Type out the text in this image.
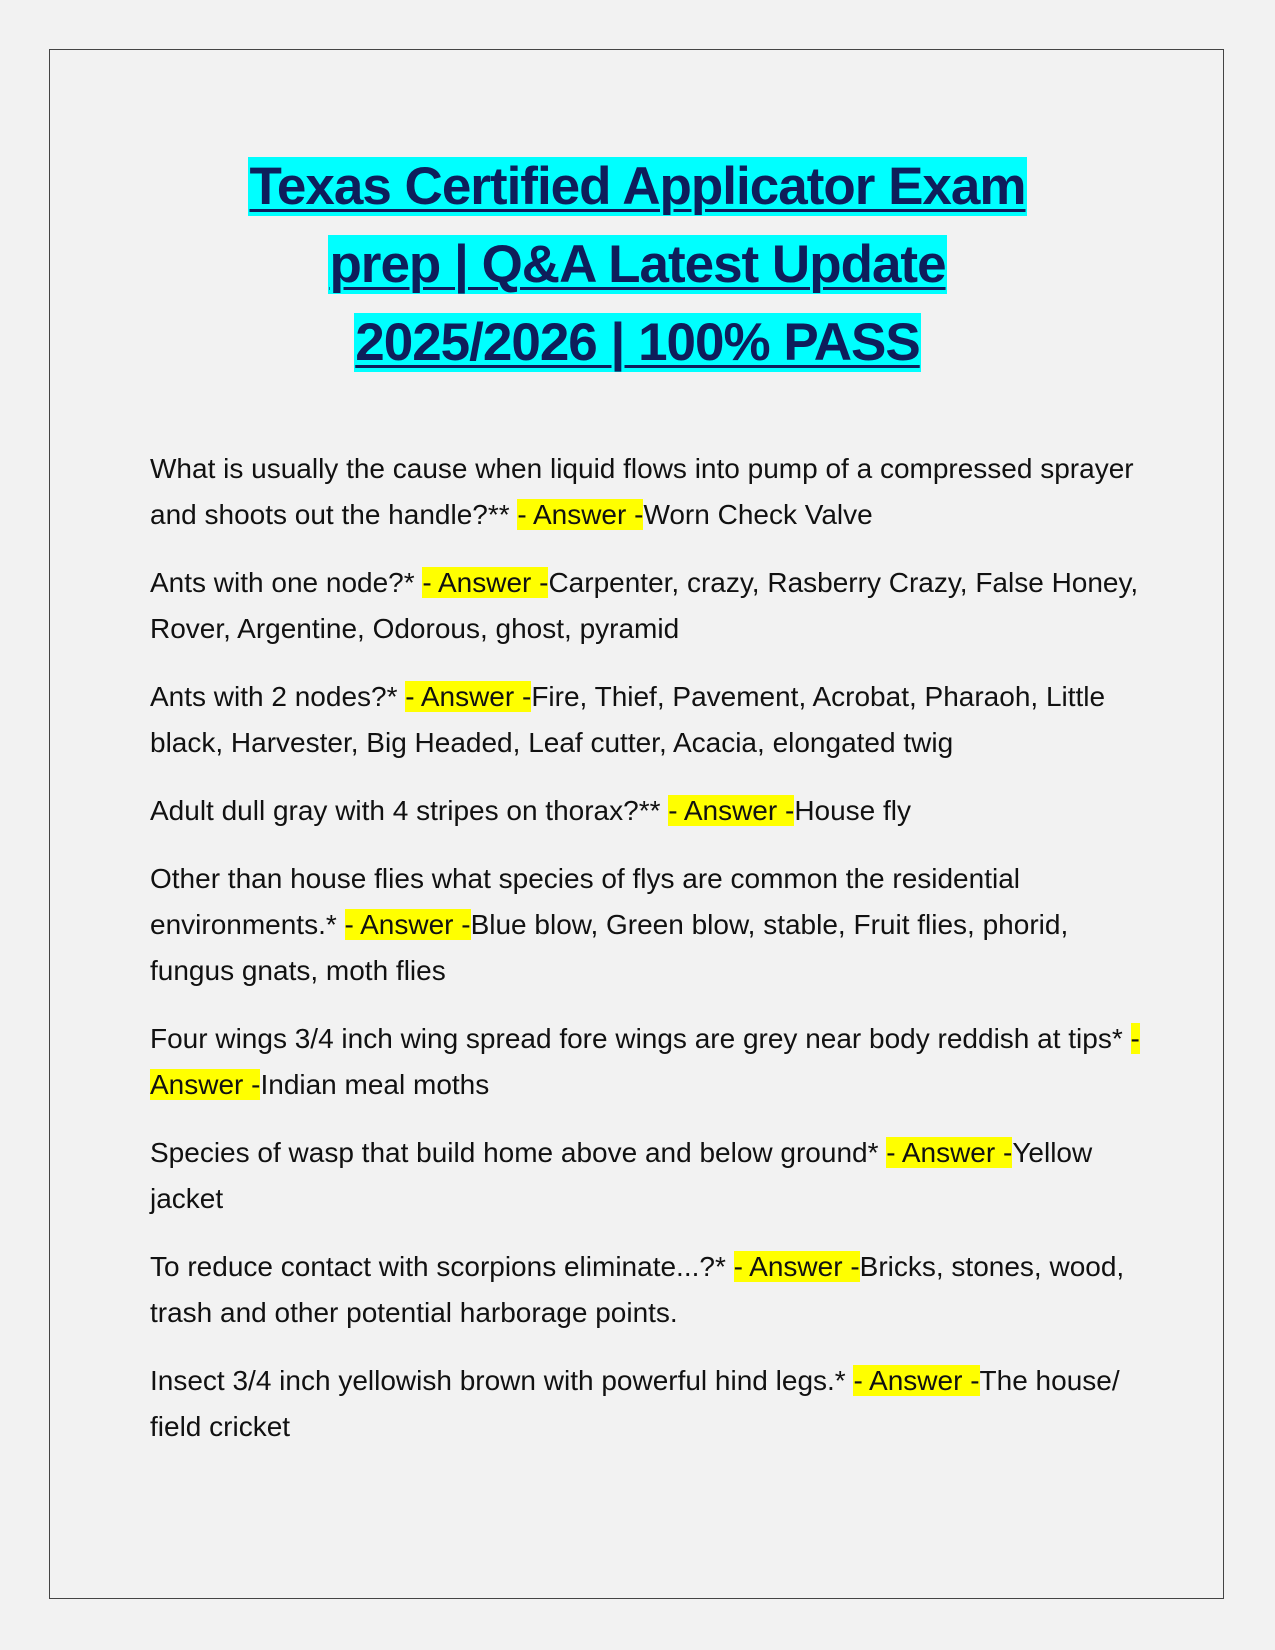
Texas Certified Applicator Exam
prep | Q&A Latest Update
2025/2026 | 100% PASS

What is usually the cause when liquid flows into pump of a compressed sprayer and shoots out the handle?** - Answer -Worn Check Valve

Ants with one node?* - Answer -Carpenter, crazy, Rasberry Crazy, False Honey, Rover, Argentine, Odorous, ghost, pyramid

Ants with 2 nodes?* - Answer -Fire, Thief, Pavement, Acrobat, Pharaoh, Little black, Harvester, Big Headed, Leaf cutter, Acacia, elongated twig

Adult dull gray with 4 stripes on thorax?** - Answer -House fly

Other than house flies what species of flys are common the residential environments.* - Answer -Blue blow, Green blow, stable, Fruit flies, phorid, fungus gnats, moth flies

Four wings 3/4 inch wing spread fore wings are grey near body reddish at tips* - Answer -Indian meal moths

Species of wasp that build home above and below ground* - Answer -Yellow jacket

To reduce contact with scorpions eliminate...?* - Answer -Bricks, stones, wood, trash and other potential harborage points.

Insect 3/4 inch yellowish brown with powerful hind legs.* - Answer -The house/ field cricket
